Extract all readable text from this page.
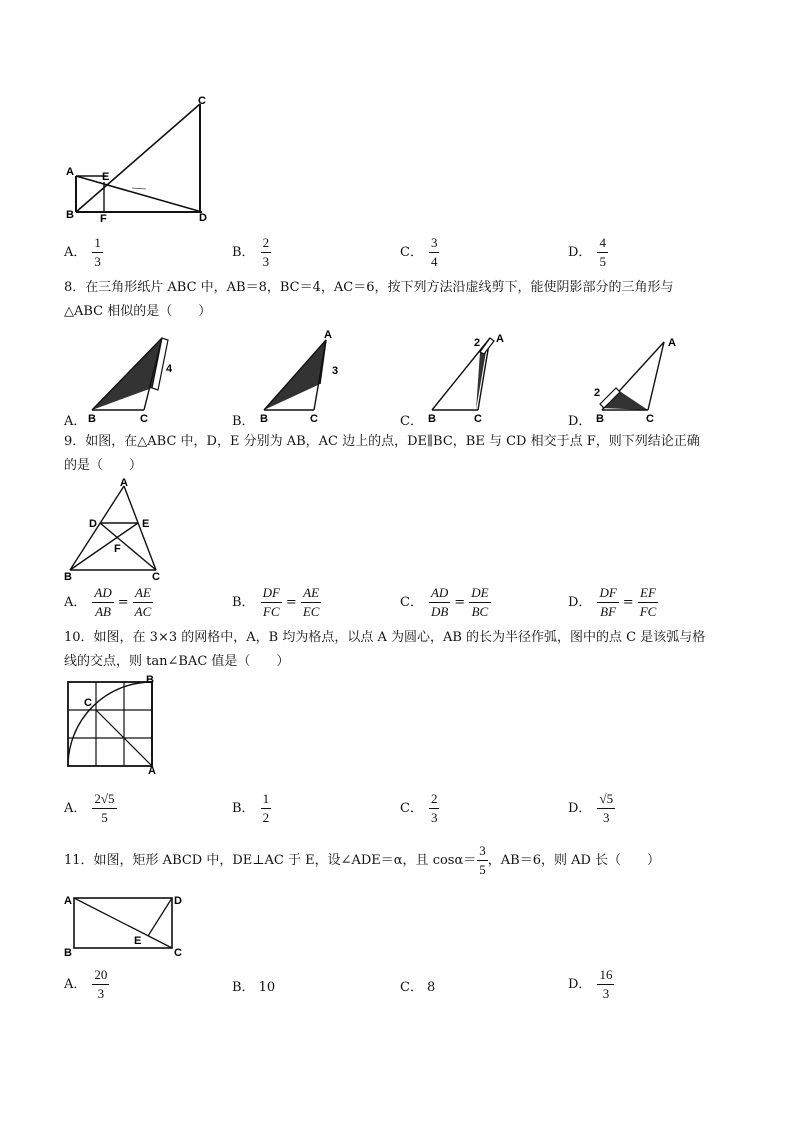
A	E
B F	D
C
A． $\frac{1}{3}$	B． $\frac{2}{3}$	C． $\frac{3}{4}$	D． $\frac{4}{5}$
8．在三角形纸片 ABC 中，AB＝8，BC＝4，AC＝6，按下列方法沿虚线剪下，能使阴影部分的三角形与
△ABC 相似的是（　　）
4
B	C
A
3
B	C
2 A
B	C
2
A
B	C
A．	B．	C．	D．
9．如图，在△ABC 中，D，E 分别为 AB，AC 边上的点，DE∥BC，BE 与 CD 相交于点 F，则下列结论正确
的是（　　）
A
D	E
F
B	C
A． $\frac{AD}{AB} = \frac{AE}{AC}$	B． $\frac{DF}{FC} = \frac{AE}{EC}$	C． $\frac{AD}{DB} = \frac{DE}{BC}$	D． $\frac{DF}{BF} = \frac{EF}{FC}$
10．如图，在 3×3 的网格中，A，B 均为格点，以点 A 为圆心，AB 的长为半径作弧，图中的点 C 是该弧与格
线的交点，则 tan∠BAC 值是（　　）
B
C
A
A． $\frac{2√5}{5}$	B． $\frac{1}{2}$	C． $\frac{2}{3}$	D． $\frac{√5}{3}$
11．如图，矩形 ABCD 中，DE⊥AC 于 E，设∠ADE＝α，且 $\cos\alpha= \frac{3}{5}$ ，AB＝6，则 AD 长（　　）
A	D
B
E
C
A． $\frac{20}{3}$	B． 10	C． 8	D． $\frac{16}{3}$
